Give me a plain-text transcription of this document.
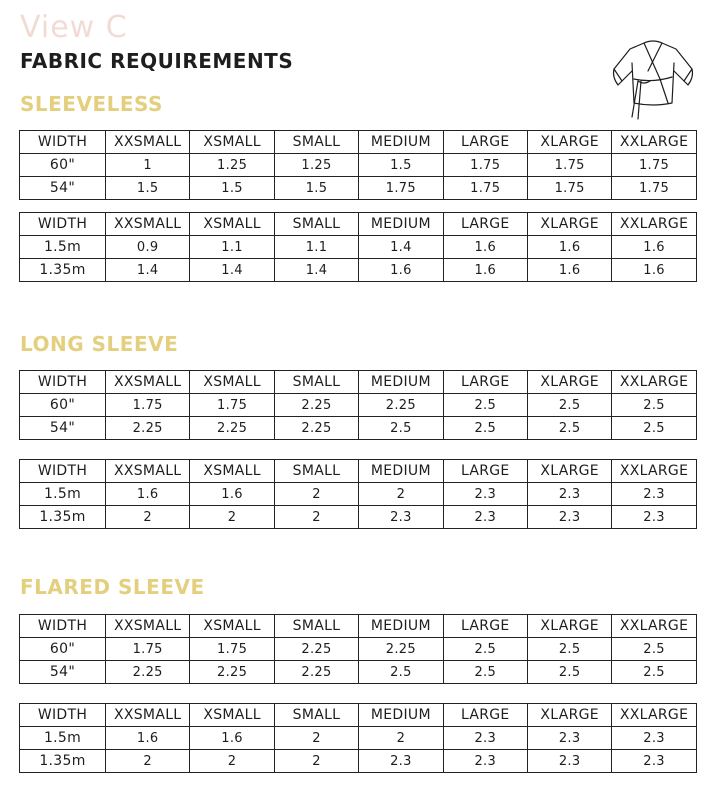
View C
FABRIC REQUIREMENTS
SLEEVELESS
WIDTH	XXSMALL	XSMALL	SMALL	MEDIUM	LARGE	XLARGE	XXLARGE
60"	1	1.25	1.25	1.5	1.75	1.75	1.75
54"	1.5	1.5	1.5	1.75	1.75	1.75	1.75
WIDTH	XXSMALL	XSMALL	SMALL	MEDIUM	LARGE	XLARGE	XXLARGE
1.5m	0.9	1.1	1.1	1.4	1.6	1.6	1.6
1.35m	1.4	1.4	1.4	1.6	1.6	1.6	1.6
LONG SLEEVE
WIDTH	XXSMALL	XSMALL	SMALL	MEDIUM	LARGE	XLARGE	XXLARGE
60"	1.75	1.75	2.25	2.25	2.5	2.5	2.5
54"	2.25	2.25	2.25	2.5	2.5	2.5	2.5
WIDTH	XXSMALL	XSMALL	SMALL	MEDIUM	LARGE	XLARGE	XXLARGE
1.5m	1.6	1.6	2	2	2.3	2.3	2.3
1.35m	2	2	2	2.3	2.3	2.3	2.3
FLARED SLEEVE
WIDTH	XXSMALL	XSMALL	SMALL	MEDIUM	LARGE	XLARGE	XXLARGE
60"	1.75	1.75	2.25	2.25	2.5	2.5	2.5
54"	2.25	2.25	2.25	2.5	2.5	2.5	2.5
WIDTH	XXSMALL	XSMALL	SMALL	MEDIUM	LARGE	XLARGE	XXLARGE
1.5m	1.6	1.6	2	2	2.3	2.3	2.3
1.35m	2	2	2	2.3	2.3	2.3	2.3
